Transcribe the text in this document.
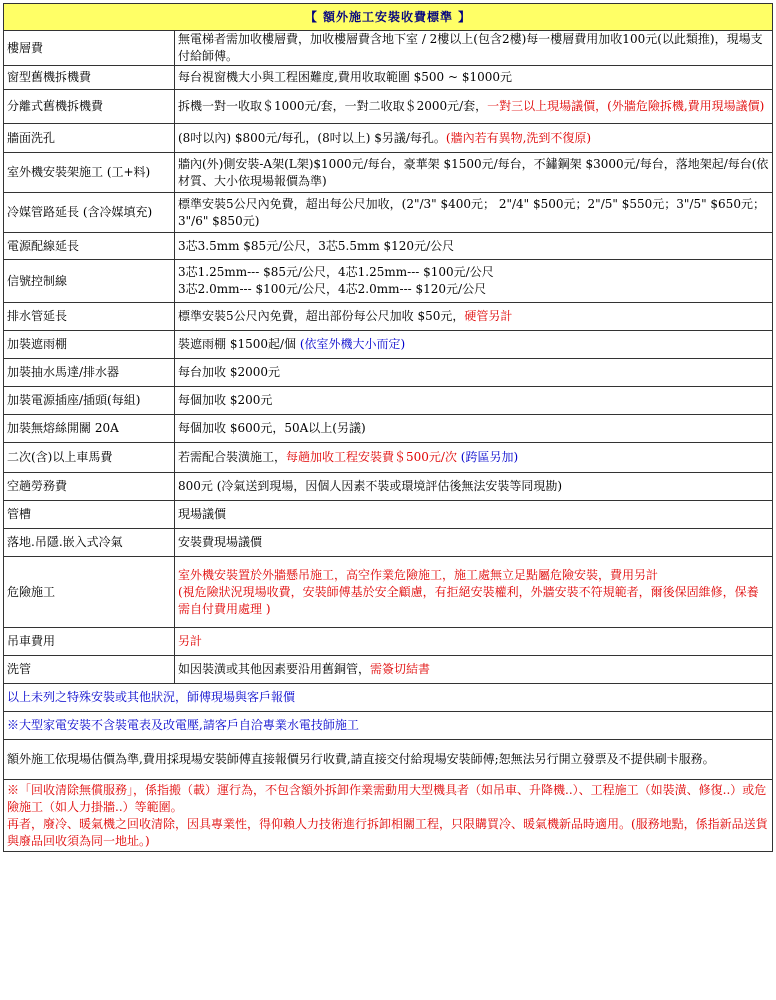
【 額外施工安裝收費標準 】	
樓層費	無電梯者需加收樓層費，加收樓層費含地下室 / 2樓以上(包含2樓)每一樓層費用加收100元(以此類推)，現場支付給師傅。
窗型舊機拆機費	每台視窗機大小與工程困難度,費用收取範圍 $500 ~ $1000元
分離式舊機拆機費	拆機一對一收取＄1000元/套，一對二收取＄2000元/套，一對三以上現場議價，(外牆危險拆機,費用現場議價)
牆面洗孔	(8吋以內) $800元/每孔，(8吋以上) $另議/每孔。(牆內若有異物,洗到不復原)
室外機安裝架施工 (工+料)	牆內(外)側安裝-A架(L架)$1000元/每台，豪華架 $1500元/每台，不鏽鋼架 $3000元/每台，落地架起/每台(依材質、大小依現場報價為準)
冷媒管路延長 (含冷媒填充)	標準安裝5公尺內免費，超出每公尺加收，(2"/3" $400元； 2"/4" $500元；2"/5" $550元；3"/5" $650元；3"/6" $850元)
電源配線延長	3芯3.5mm $85元/公尺，3芯5.5mm $120元/公尺
信號控制線	3芯1.25mm--- $85元/公尺，4芯1.25mm--- $100元/公尺
3芯2.0mm--- $100元/公尺，4芯2.0mm--- $120元/公尺
排水管延長	標準安裝5公尺內免費，超出部份每公尺加收 $50元，硬管另計
加裝遮雨棚	裝遮雨棚 $1500起/個 (依室外機大小而定)
加裝抽水馬達/排水器	每台加收 $2000元
加裝電源插座/插頭(每組)	每個加收 $200元
加裝無熔絲開關 20A	每個加收 $600元，50A以上(另議)
二次(含)以上車馬費	若需配合裝潢施工，每趟加收工程安裝費＄500元/次 (跨區另加)
空趟勞務費	800元 (冷氣送到現場，因個人因素不裝或環境評估後無法安裝等同現勘)
管槽	現場議價
落地.吊隱.嵌入式冷氣	安裝費現場議價
危險施工	室外機安裝置於外牆懸吊施工，高空作業危險施工，施工處無立足點屬危險安裝，費用另計
(視危險狀況現場收費，安裝師傅基於安全顧慮，有拒絕安裝權利，外牆安裝不符規範者，爾後保固維修，保養需自付費用處理 )
吊車費用	另計
洗管	如因裝潢或其他因素要沿用舊銅管，需簽切結書
以上未列之特殊安裝或其他狀況，師傅現場與客戶報價	
※大型家電安裝不含裝電表及改電壓,請客戶自洽專業水電技師施工	
額外施工依現場估價為準,費用採現場安裝師傅直接報價另行收費,請直接交付給現場安裝師傅;恕無法另行開立發票及不提供刷卡服務。	
※「回收清除無償服務」，係指搬（載）運行為，不包含額外拆卸作業需動用大型機具者（如吊車、升降機..）、工程施工（如裝潢、修復..）或危險施工（如人力掛牆..）等範圍。
再者，廢冷、暖氣機之回收清除，因具專業性，得仰賴人力技術進行拆卸相關工程，只限購買冷、暖氣機新品時適用。(服務地點，係指新品送貨與廢品回收須為同一地址。)	
